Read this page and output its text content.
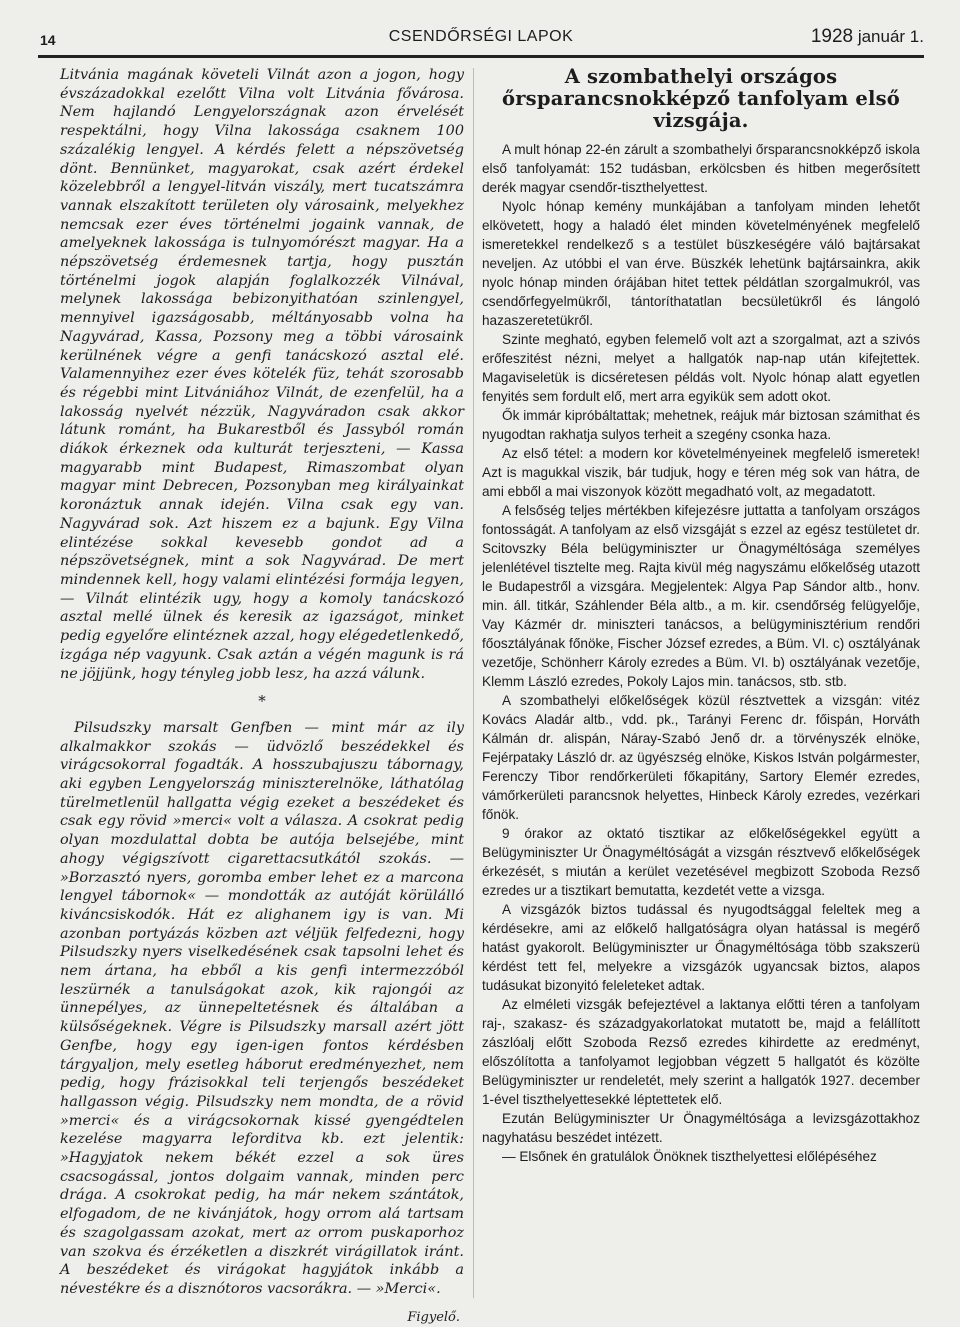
14	CSENDŐRSÉGI LAPOK	1928 január 1.

Litvánia magának követeli Vilnát azon a jogon, hogy évszázadokkal ezelőtt Vilna volt Litvánia fővárosa. Nem hajlandó Lengyelországnak azon érvelését respektálni, hogy Vilna lakossága csaknem 100 százalékig lengyel. A kérdés felett a népszövetség dönt. Bennünket, magyarokat, csak azért érdekel közelebbről a lengyel-litván viszály, mert tucatszámra vannak elszakított területen oly városaink, melyekhez nemcsak ezer éves történelmi jogaink vannak, de amelyeknek lakossága is tulnyomórészt magyar. Ha a népszövetség érdemesnek tartja, hogy pusztán történelmi jogok alapján foglalkozzék Vilnával, melynek lakossága bebizonyithatóan szinlengyel, mennyivel igazságosabb, méltányosabb volna ha Nagyvárad, Kassa, Pozsony meg a többi városaink kerülnének végre a genfi tanácskozó asztal elé. Valamennyihez ezer éves kötelék füz, tehát szorosabb és régebbi mint Litvániához Vilnát, de ezenfelül, ha a lakosság nyelvét nézzük, Nagyváradon csak akkor látunk románt, ha Bukarestből és Jassyból román diákok érkeznek oda kulturát terjeszteni, — Kassa magyarabb mint Budapest, Rimaszombat olyan magyar mint Debrecen, Pozsonyban meg királyainkat koronáztuk annak idején. Vilna csak egy van. Nagyvárad sok. Azt hiszem ez a bajunk. Egy Vilna elintézése sokkal kevesebb gondot ad a népszövetségnek, mint a sok Nagyvárad. De mert mindennek kell, hogy valami elintézési formája legyen, — Vilnát elintézik ugy, hogy a komoly tanácskozó asztal mellé ülnek és keresik az igazságot, minket pedig egyelőre elintéznek azzal, hogy elégedetlenkedő, izgága nép vagyunk. Csak aztán a végén magunk is rá ne jöjjünk, hogy tényleg jobb lesz, ha azzá válunk.

*

Pilsudszky marsalt Genfben — mint már az ily alkalmakkor szokás — üdvözlő beszédekkel és virágcsokorral fogadták. A hosszubajuszu tábornagy, aki egyben Lengyelország miniszterelnöke, láthatólag türelmetlenül hallgatta végig ezeket a beszédeket és csak egy rövid »merci« volt a válasza. A csokrat pedig olyan mozdulattal dobta be autója belsejébe, mint ahogy végigszívott cigarettacsutkától szokás. — »Borzasztó nyers, goromba ember lehet ez a marcona lengyel tábornok« — mondották az autóját körülálló kiváncsiskodók. Hát ez alighanem igy is van. Mi azonban portyázás közben azt véljük felfedezni, hogy Pilsudszky nyers viselkedésének csak tapsolni lehet és nem ártana, ha ebből a kis genfi intermezzóból leszürnék a tanulságokat azok, kik rajongói az ünnepélyes, az ünnepeltetésnek és általában a külsőségeknek. Végre is Pilsudszky marsall azért jött Genfbe, hogy egy igen-igen fontos kérdésben tárgyaljon, mely esetleg háborut eredményezhet, nem pedig, hogy frázisokkal teli terjengős beszédeket hallgasson végig. Pilsudszky nem mondta, de a rövid »merci« és a virágcsokornak kissé gyengédtelen kezelése magyarra leforditva kb. ezt jelentik: »Hagyjatok nekem békét ezzel a sok üres csacsogással, jontos dolgaim vannak, minden perc drága. A csokrokat pedig, ha már nekem szántátok, elfogadom, de ne kivánjátok, hogy orrom alá tartsam és szagolgassam azokat, mert az orrom puskaporhoz van szokva és érzéketlen a diszkrét virágillatok iránt. A beszédeket és virágokat hagyjátok inkább a névestékre és a disznótoros vacsorákra. — »Merci«.

Figyelő.

A szombathelyi országos őrsparancsnokképző tanfolyam első vizsgája.

A mult hónap 22-én zárult a szombathelyi őrsparancsnokképző iskola első tanfolyamát: 152 tudásban, erkölcsben és hitben megerősített derék magyar csendőr-tiszthelyettest.

Nyolc hónap kemény munkájában a tanfolyam minden lehetőt elkövetett, hogy a haladó élet minden követelményének megfelelő ismeretekkel rendelkező s a testület büszkeségére váló bajtársakat neveljen. Az utóbbi el van érve. Büszkék lehetünk bajtársainkra, akik nyolc hónap minden órájában hitet tettek példátlan szorgalmukról, vas csendőrfegyelmükről, tántoríthatatlan becsületükről és lángoló hazaszeretetükről.

Szinte megható, egyben felemelő volt azt a szorgalmat, azt a szivós erőfeszitést nézni, melyet a hallgatók nap-nap után kifejtettek. Magaviseletük is dicséretesen példás volt. Nyolc hónap alatt egyetlen fenyités sem fordult elő, mert arra egyikük sem adott okot.

Ők immár kipróbáltattak; mehetnek, reájuk már biztosan számithat és nyugodtan rakhatja sulyos terheit a szegény csonka haza.

Az első tétel: a modern kor követelményeinek megfelelő ismeretek! Azt is magukkal viszik, bár tudjuk, hogy e téren még sok van hátra, de ami ebből a mai viszonyok között megadható volt, az megadatott.

A felsőség teljes mértékben kifejezésre juttatta a tanfolyam országos fontosságát. A tanfolyam az első vizsgáját s ezzel az egész testületet dr. Scitovszky Béla belügyminiszter ur Önagyméltósága személyes jelenlétével tisztelte meg. Rajta kivül még nagyszámu előkelőség utazott le Budapestről a vizsgára. Megjelentek: Algya Pap Sándor altb., honv. min. áll. titkár, Száhlender Béla altb., a m. kir. csendőrség felügyelője, Vay Kázmér dr. miniszteri tanácsos, a belügyminisztérium rendőri főosztályának főnöke, Fischer József ezredes, a Büm. VI. c) osztályának vezetője, Schönherr Károly ezredes a Büm. VI. b) osztályának vezetője, Klemm László ezredes, Pokoly Lajos min. tanácsos, stb. stb.

A szombathelyi előkelőségek közül résztvettek a vizsgán: vitéz Kovács Aladár altb., vdd. pk., Tarányi Ferenc dr. főispán, Horváth Kálmán dr. alispán, Náray-Szabó Jenő dr. a törvényszék elnöke, Fejérpataky László dr. az ügyészség elnöke, Kiskos István polgármester, Ferenczy Tibor rendőrkerületi főkapitány, Sartory Elemér ezredes, vámőrkerületi parancsnok helyettes, Hinbeck Károly ezredes, vezérkari főnök.

9 órakor az oktató tisztikar az előkelőségekkel együtt a Belügyminiszter Ur Önagyméltóságát a vizsgán résztvevő előkelőségek érkezését, s miután a kerület vezetésével megbizott Szoboda Rezső ezredes ur a tisztikart bemutatta, kezdetét vette a vizsga.

A vizsgázók biztos tudással és nyugodtsággal feleltek meg a kérdésekre, ami az előkelő hallgatóságra olyan hatással is megérő hatást gyakorolt. Belügyminiszter ur Őnagyméltósága több szakszerü kérdést tett fel, melyekre a vizsgázók ugyancsak biztos, alapos tudásukat bizonyitó feleleteket adtak.

Az elméleti vizsgák befejeztével a laktanya előtti téren a tanfolyam raj-, szakasz- és századgyakorlatokat mutatott be, majd a felállított zászlóalj előtt Szoboda Rezső ezredes kihirdette az eredményt, előszólította a tanfolyamot legjobban végzett 5 hallgatót és közölte Belügyminiszter ur rendeletét, mely szerint a hallgatók 1927. december 1-ével tiszthelyettesekké léptettetek elő.

Ezután Belügyminiszter Ur Önagyméltósága a levizsgázottakhoz nagyhatásu beszédet intézett.

— Elsőnek én gratulálok Önöknek tiszthelyettesi előlépéséhez
